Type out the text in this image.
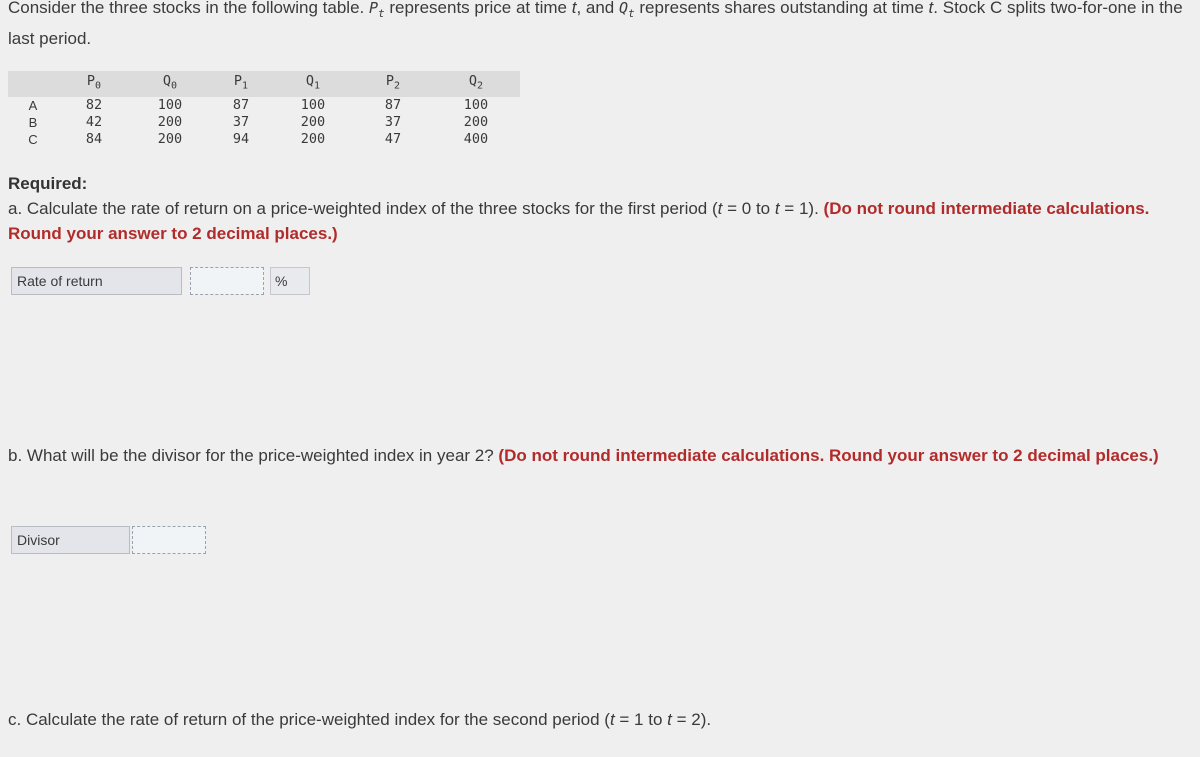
Consider the three stocks in the following table. $P_t$ represents price at time t, and $Q_t$ represents shares outstanding at time t. Stock C splits two-for-one in the last period.
	$P_0$	$Q_0$	$P_1$	$Q_1$	$P_2$	$Q_2$
A	82	100	87	100	87	100
B	42	200	37	200	37	200
C	84	200	94	200	47	400
Required:
a. Calculate the rate of return on a price-weighted index of the three stocks for the first period (t = 0 to t = 1). (Do not round intermediate calculations. Round your answer to 2 decimal places.)
Rate of return	%
b. What will be the divisor for the price-weighted index in year 2? (Do not round intermediate calculations. Round your answer to 2 decimal places.)
Divisor
c. Calculate the rate of return of the price-weighted index for the second period (t = 1 to t = 2).
